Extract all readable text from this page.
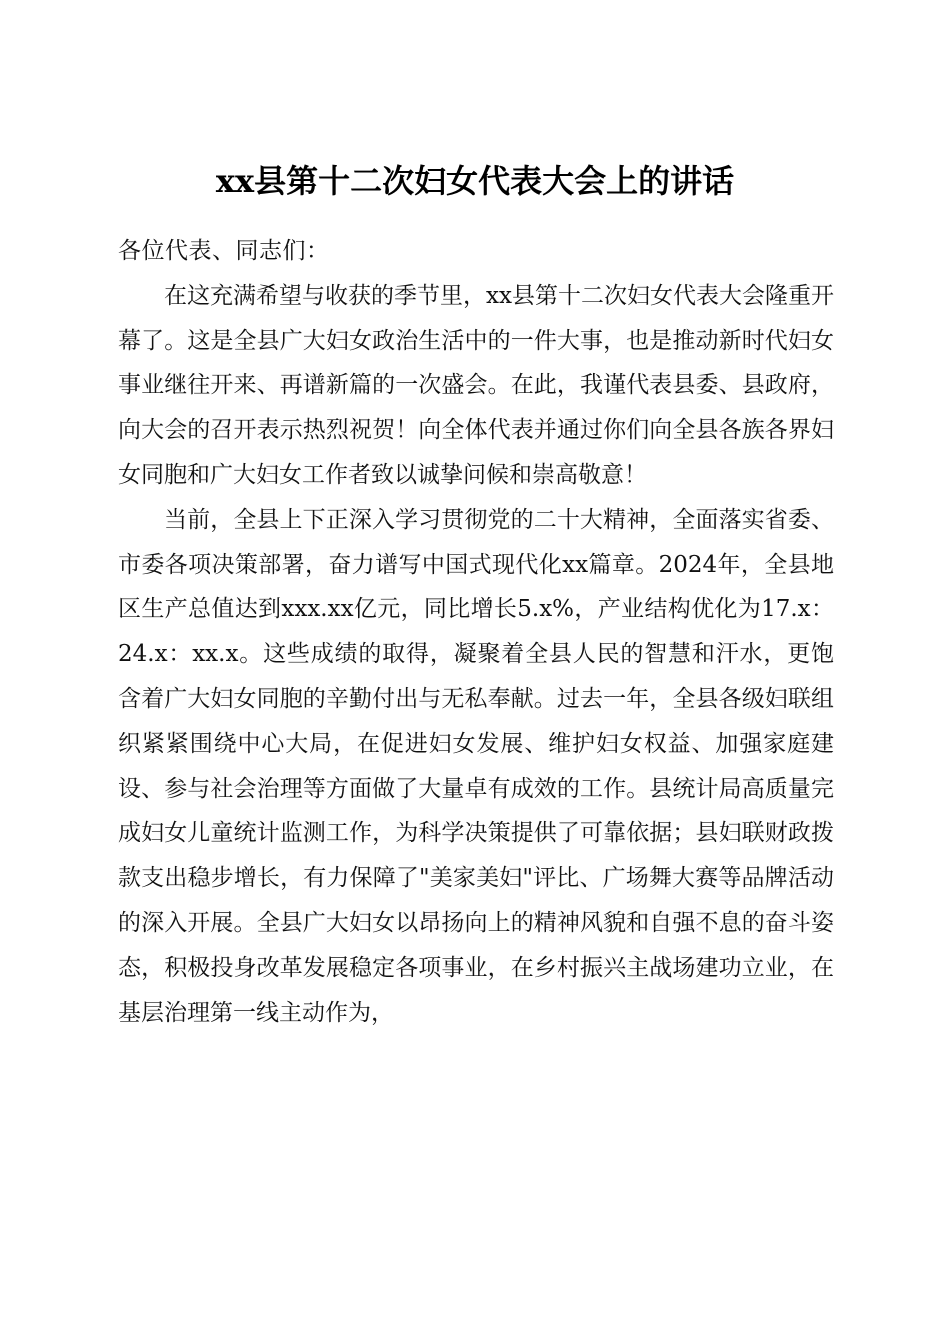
xx县第十二次妇女代表大会上的讲话

各位代表、同志们：

在这充满希望与收获的季节里，xx县第十二次妇女代表大会隆重开幕了。这是全县广大妇女政治生活中的一件大事，也是推动新时代妇女事业继往开来、再谱新篇的一次盛会。在此，我谨代表县委、县政府，向大会的召开表示热烈祝贺！向全体代表并通过你们向全县各族各界妇女同胞和广大妇女工作者致以诚挚问候和崇高敬意！

当前，全县上下正深入学习贯彻党的二十大精神，全面落实省委、市委各项决策部署，奋力谱写中国式现代化xx篇章。2024年，全县地区生产总值达到xxx.xx亿元，同比增长5.x%，产业结构优化为17.x：24.x：xx.x。这些成绩的取得，凝聚着全县人民的智慧和汗水，更饱含着广大妇女同胞的辛勤付出与无私奉献。过去一年，全县各级妇联组织紧紧围绕中心大局，在促进妇女发展、维护妇女权益、加强家庭建设、参与社会治理等方面做了大量卓有成效的工作。县统计局高质量完成妇女儿童统计监测工作，为科学决策提供了可靠依据；县妇联财政拨款支出稳步增长，有力保障了"美家美妇"评比、广场舞大赛等品牌活动的深入开展。全县广大妇女以昂扬向上的精神风貌和自强不息的奋斗姿态，积极投身改革发展稳定各项事业，在乡村振兴主战场建功立业，在基层治理第一线主动作为，
